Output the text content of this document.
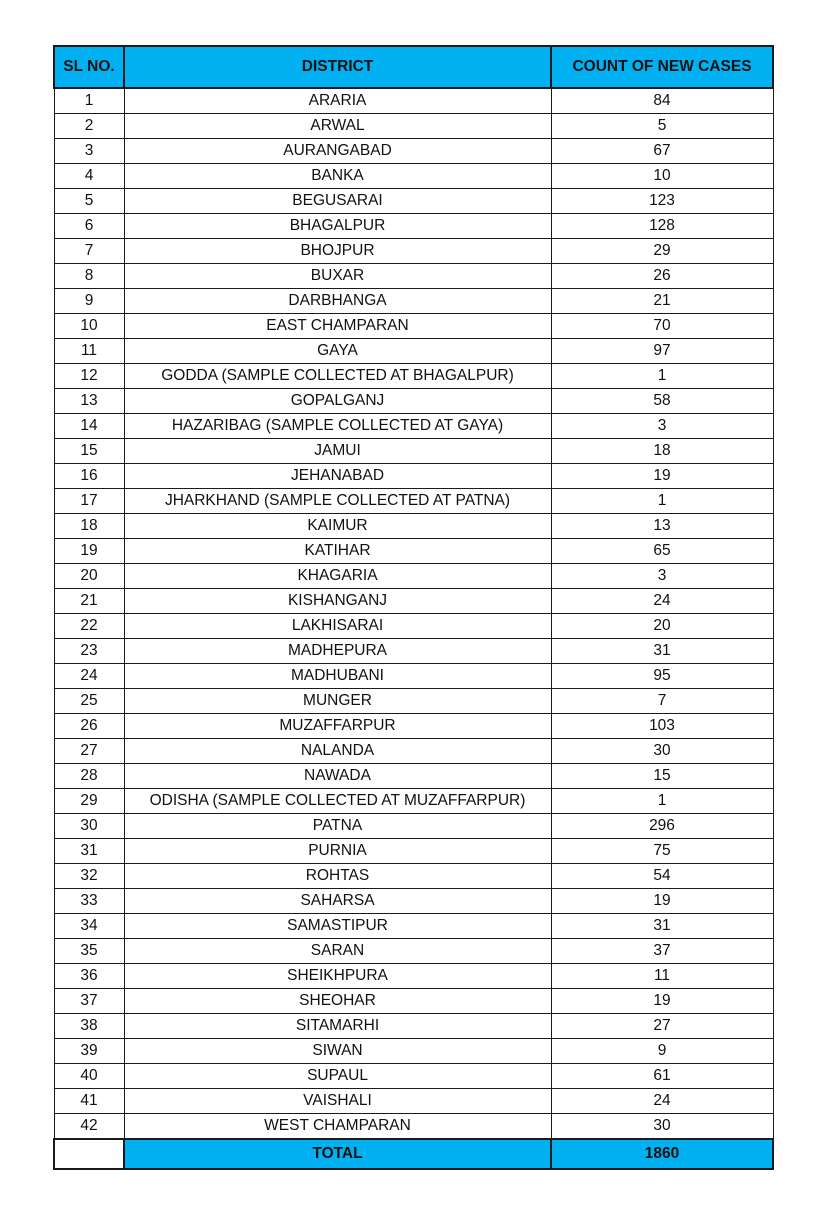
SL NO.	DISTRICT	COUNT OF NEW CASES
1	ARARIA	84
2	ARWAL	5
3	AURANGABAD	67
4	BANKA	10
5	BEGUSARAI	123
6	BHAGALPUR	128
7	BHOJPUR	29
8	BUXAR	26
9	DARBHANGA	21
10	EAST CHAMPARAN	70
11	GAYA	97
12	GODDA (SAMPLE COLLECTED AT BHAGALPUR)	1
13	GOPALGANJ	58
14	HAZARIBAG (SAMPLE COLLECTED AT GAYA)	3
15	JAMUI	18
16	JEHANABAD	19
17	JHARKHAND (SAMPLE COLLECTED AT PATNA)	1
18	KAIMUR	13
19	KATIHAR	65
20	KHAGARIA	3
21	KISHANGANJ	24
22	LAKHISARAI	20
23	MADHEPURA	31
24	MADHUBANI	95
25	MUNGER	7
26	MUZAFFARPUR	103
27	NALANDA	30
28	NAWADA	15
29	ODISHA (SAMPLE COLLECTED AT MUZAFFARPUR)	1
30	PATNA	296
31	PURNIA	75
32	ROHTAS	54
33	SAHARSA	19
34	SAMASTIPUR	31
35	SARAN	37
36	SHEIKHPURA	11
37	SHEOHAR	19
38	SITAMARHI	27
39	SIWAN	9
40	SUPAUL	61
41	VAISHALI	24
42	WEST CHAMPARAN	30
	TOTAL	1860
